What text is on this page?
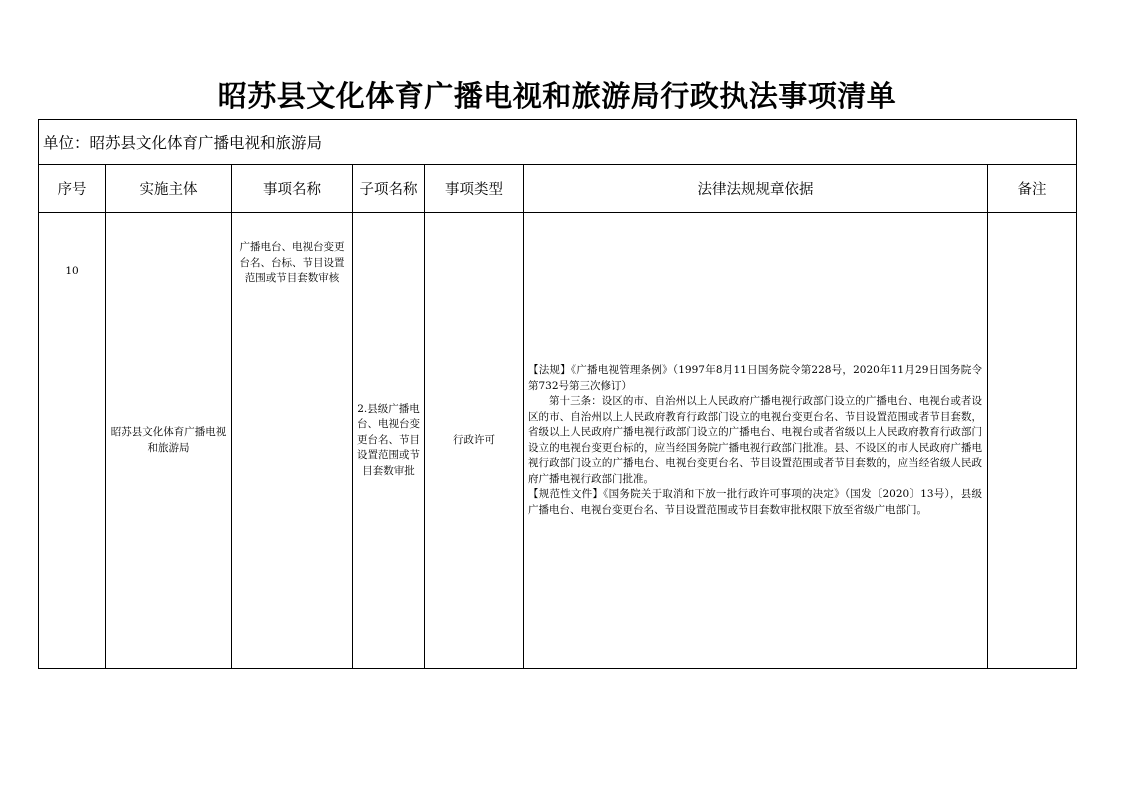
昭苏县文化体育广播电视和旅游局行政执法事项清单
单位：昭苏县文化体育广播电视和旅游局						
序号	实施主体	事项名称	子项名称	事项类型	法律法规规章依据	备注
10	昭苏县文化体育广播电视和旅游局	广播电台、电视台变更台名、台标、节目设置范围或节目套数审核	2.县级广播电台、电视台变更台名、节目设置范围或节目套数审批	行政许可	【法规】《广播电视管理条例》（1997年8月11日国务院令第228号，2020年11月29日国务院令第732号第三次修订）

第十三条：设区的市、自治州以上人民政府广播电视行政部门设立的广播电台、电视台或者设区的市、自治州以上人民政府教育行政部门设立的电视台变更台名、节目设置范围或者节目套数，省级以上人民政府广播电视行政部门设立的广播电台、电视台或者省级以上人民政府教育行政部门设立的电视台变更台标的，应当经国务院广播电视行政部门批准。县、不设区的市人民政府广播电视行政部门设立的广播电台、电视台变更台名、节目设置范围或者节目套数的，应当经省级人民政府广播电视行政部门批准。

【规范性文件】《国务院关于取消和下放一批行政许可事项的决定》（国发〔2020〕13号），县级广播电台、电视台变更台名、节目设置范围或节目套数审批权限下放至省级广电部门。	
